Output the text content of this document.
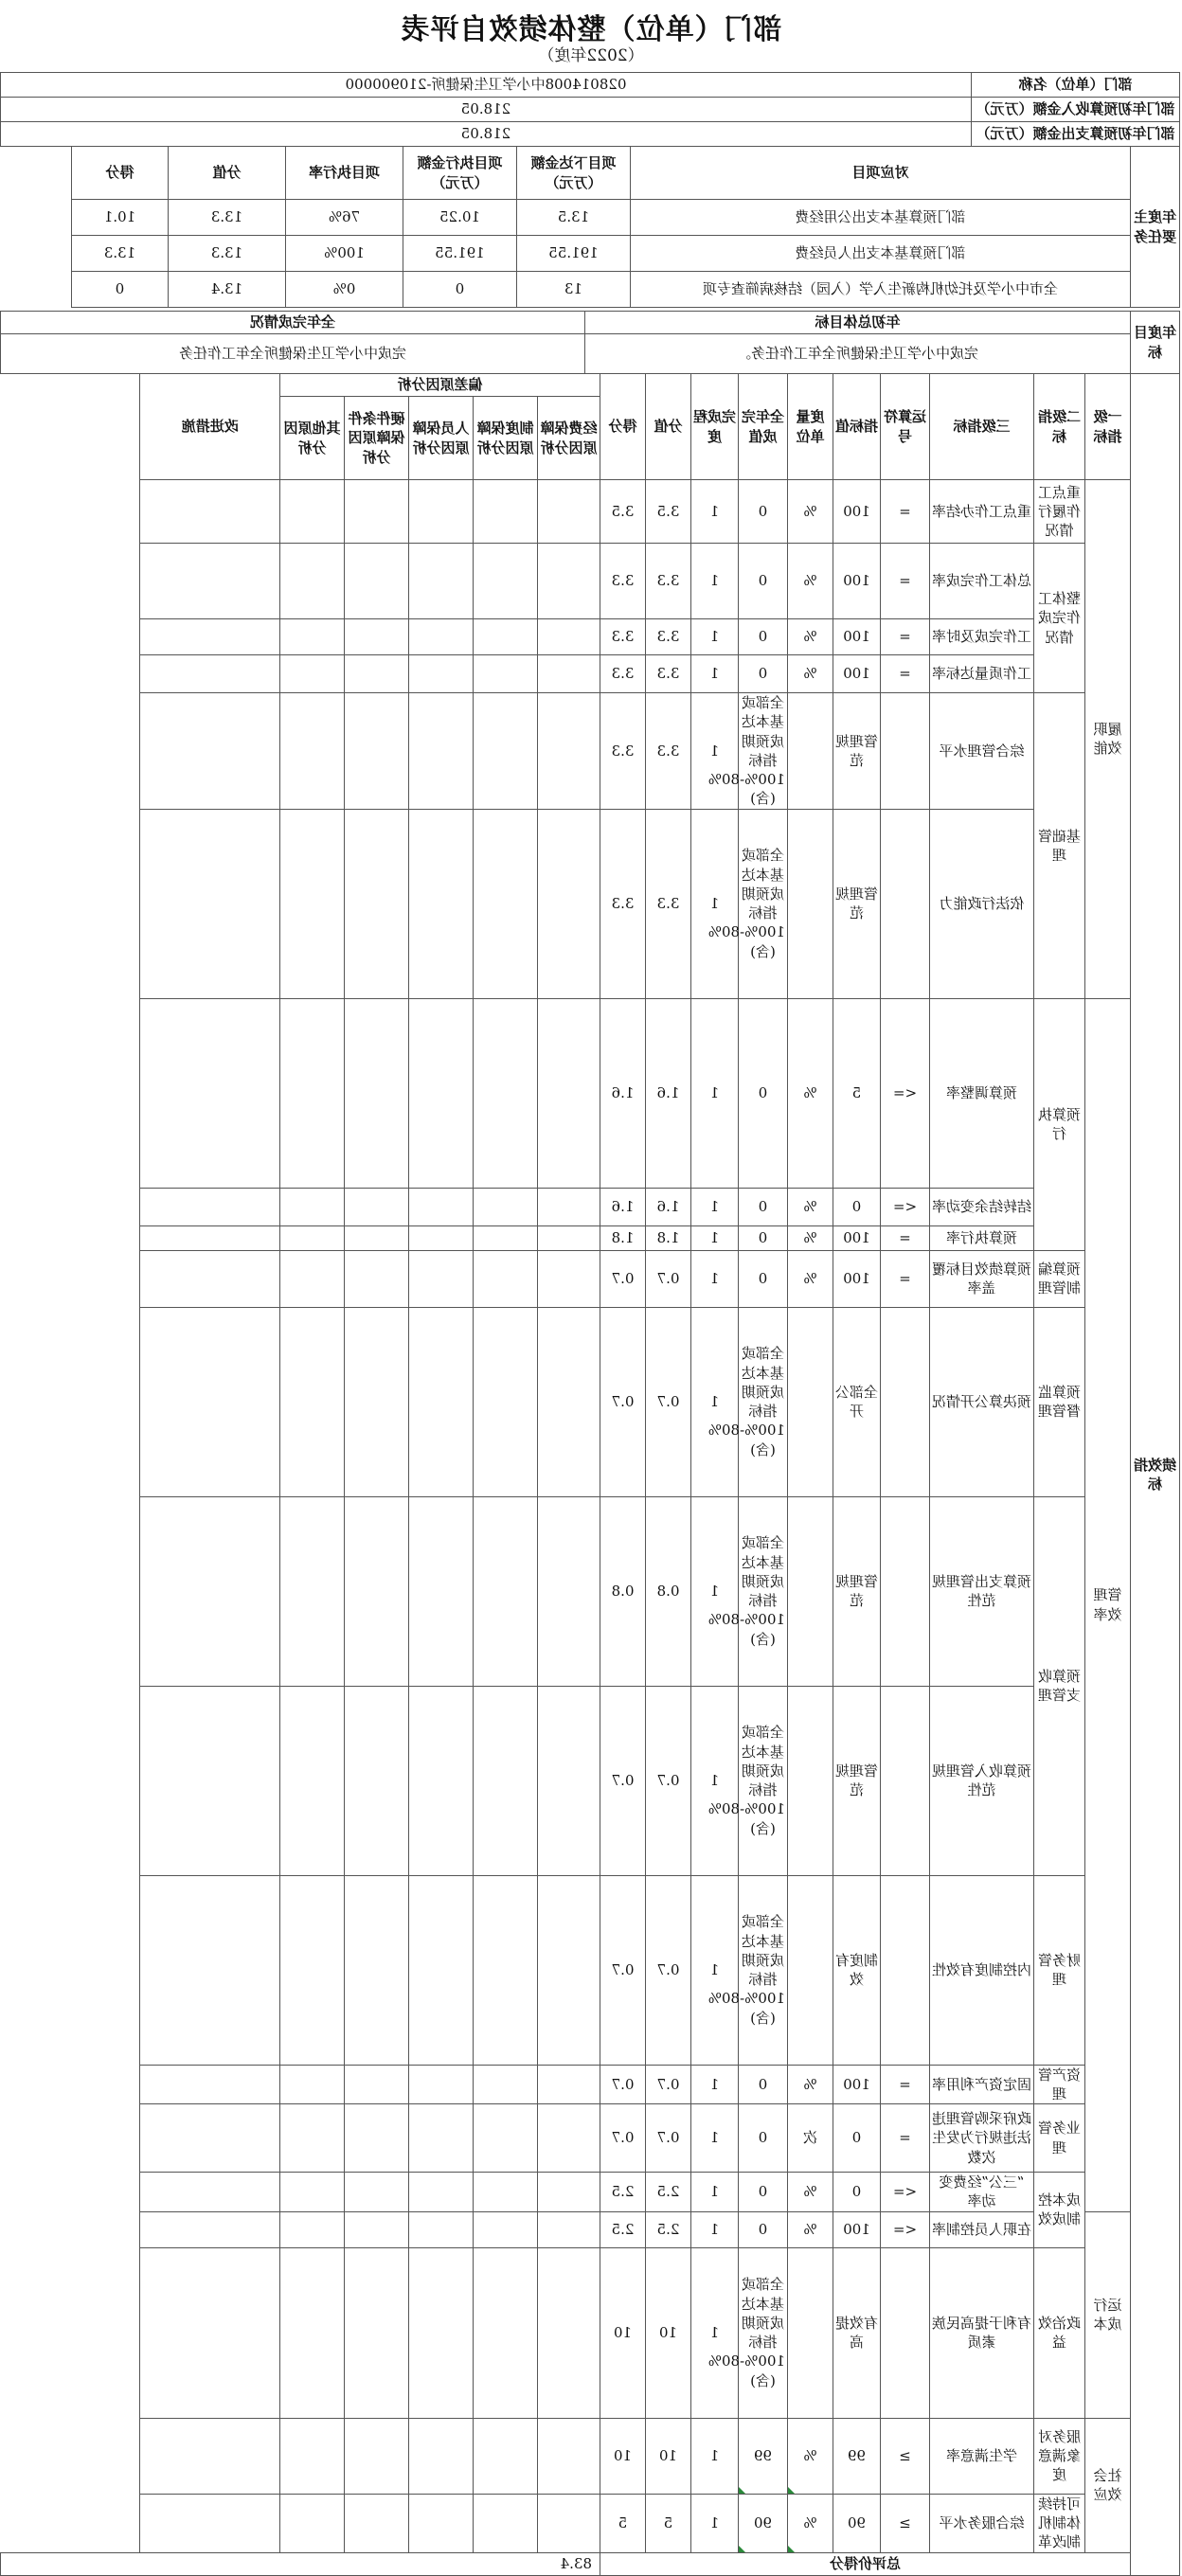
部门（单位）整体绩效自评表
（2022年度）
部门（单位）名称	028014008中小学卫生保健所-210900000
部门年初预算收入金额（万元）	218.05
部门年初预算支出金额（万元）	218.05
年度主要任务	对应项目	项目下达金额（万元）	项目执行金额（万元）	项目执行率	分值	得分
	部门预算基本支出公用经费	13.5	10.25	76%	13.3	10.1
	部门预算基本支出人员经费	191.55	191.55	100%	13.3	13.3
	全市中小学及托幼机构新生入学（入园）结核病筛查专项	13	0	0%	13.4	0
年度目标	年初总体目标	全年完成情况
	完成中小学卫生保健所全年工作任务。	完成中小学卫生保健所全年工作任务
绩效指标	一级指标	二级指标	三级指标	运算符号	指标值	度量单位	全年完成值	完成程度	分值	得分	偏差原因分析					改进措施
											经费保障原因分析	制度保障原因分析	人员保障原因分析	硬件条件保障原因分析	其他原因分析	
	履职效能	重点工作履行情况	重点工作办结率	=	100	%	0	1	3.5	3.5						
		整体工作完成情况	总体工作完成率	=	100	%	0	1	3.3	3.3						
			工作完成及时率	=	100	%	0	1	3.3	3.3						
			工作质量达标率	=	100	%	0	1	3.3	3.3						
		基础管理	综合管理水平		管理规范		全部或基本达成预期指标100%-80%(含)	1	3.3	3.3						
			依法行政能力		管理规范		全部或基本达成预期指标100%-80%(含)	1	3.3	3.3						
	管理效率	预算执行	预算调整率	<=	5	%	0	1	1.6	1.6						
			结转结余变动率	<=	0	%	0	1	1.6	1.6						
			预算执行率	=	100	%	0	1	1.8	1.8						
		预算编制管理	预算绩效目标覆盖率	=	100	%	0	1	0.7	0.7						
		预算监督管理	预决算公开情况		全部公开		全部或基本达成预期指标100%-80%(含)	1	0.7	0.7						
		预算收支管理	预算支出管理规范性		管理规范		全部或基本达成预期指标100%-80%(含)	1	0.8	0.8						
			预算收入管理规范性		管理规范		全部或基本达成预期指标100%-80%(含)	1	0.7	0.7						
		财务管理	内控制度有效性		制度有效		全部或基本达成预期指标100%-80%(含)	1	0.7	0.7						
		资产管理	固定资产利用率	=	100	%	0	1	0.7	0.7						
		业务管理	政府采购管理违法违规行为发生次数	=	0	次	0	1	0.7	0.7						
		成本控制成效	“三公”经费变动率	<=	0	%	0	1	2.5	2.5						
	运行成本		在职人员控制率	<=	100	%	0	1	2.5	2.5						
		政治效益	有利于提高民族素质		有效提高		全部或基本达成预期指标100%-80%(含)	1	10	10						
	社会效应	服务对象满意度	学生满意率	≥	99	%	99	1	10	10						
		可持续体制机制改革	综合服务水平	≥	90	%	90	1	5	5						
	总评价得分										83.4					
